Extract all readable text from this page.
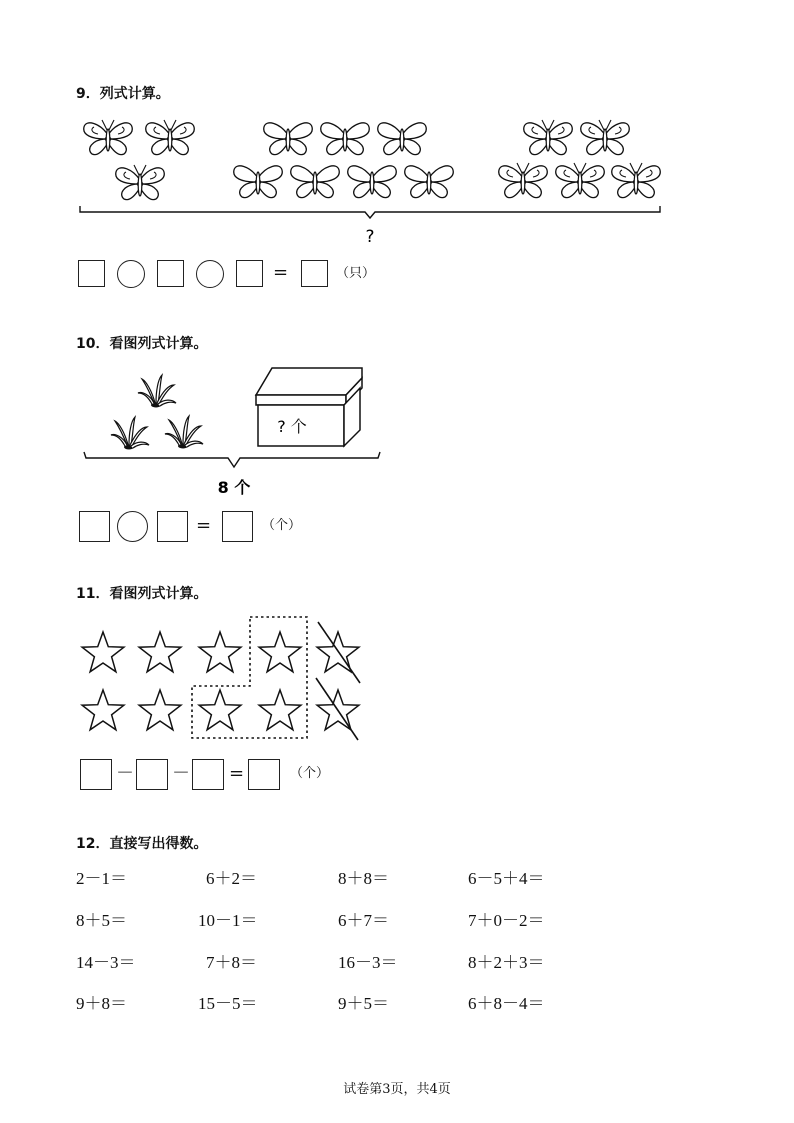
9．列式计算。
?
=	（只）
10．看图列式计算。
? 个
8 个
=	（个）
11．看图列式计算。
－ － =	（个）
12．直接写出得数。
2－1＝	6＋2＝	8＋8＝	6－5＋4＝
8＋5＝	10－1＝	6＋7＝	7＋0－2＝
14－3＝	7＋8＝	16－3＝	8＋2＋3＝
9＋8＝	15－5＝	9＋5＝	6＋8－4＝
试卷第3页，共4页
